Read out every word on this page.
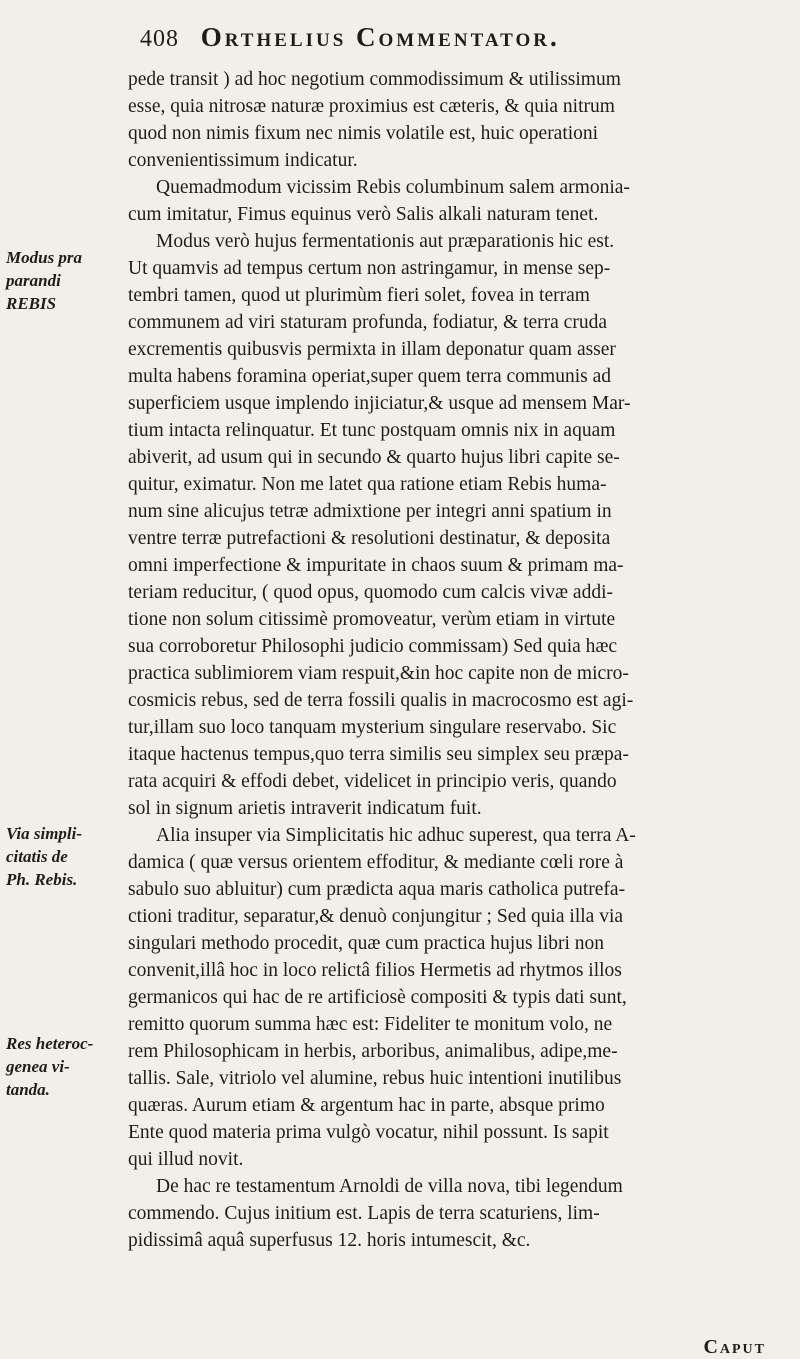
408 Orthelius Commentator.
Modus pra
parandi
REBIS
Via simpli-
citatis de
Ph. Rebis.
Res heteroc-
genea vi-
tanda.
pede transit ) ad hoc negotium commodissimum & utilissimum
esse, quia nitrosæ naturæ proximius est cæteris, & quia nitrum
quod non nimis fixum nec nimis volatile est, huic operationi
convenientissimum indicatur.
Quemadmodum vicissim Rebis columbinum salem armonia-
cum imitatur, Fimus equinus verò Salis alkali naturam tenet.
Modus verò hujus fermentationis aut præparationis hic est.
Ut quamvis ad tempus certum non astringamur, in mense sep-
tembri tamen, quod ut plurimùm fieri solet, fovea in terram
communem ad viri staturam profunda, fodiatur, & terra cruda
excrementis quibusvis permixta in illam deponatur quam asser
multa habens foramina operiat,super quem terra communis ad
superficiem usque implendo injiciatur,& usque ad mensem Mar-
tium intacta relinquatur. Et tunc postquam omnis nix in aquam
abiverit, ad usum qui in secundo & quarto hujus libri capite se-
quitur, eximatur. Non me latet qua ratione etiam Rebis huma-
num sine alicujus tetræ admixtione per integri anni spatium in
ventre terræ putrefactioni & resolutioni destinatur, & deposita
omni imperfectione & impuritate in chaos suum & primam ma-
teriam reducitur, ( quod opus, quomodo cum calcis vivæ addi-
tione non solum citissimè promoveatur, verùm etiam in virtute
sua corroboretur Philosophi judicio commissam) Sed quia hæc
practica sublimiorem viam respuit,&in hoc capite non de micro-
cosmicis rebus, sed de terra fossili qualis in macrocosmo est agi-
tur,illam suo loco tanquam mysterium singulare reservabo. Sic
itaque hactenus tempus,quo terra similis seu simplex seu præpa-
rata acquiri & effodi debet, videlicet in principio veris, quando
sol in signum arietis intraverit indicatum fuit.
Alia insuper via Simplicitatis hic adhuc superest, qua terra A-
damica ( quæ versus orientem effoditur, & mediante cœli rore à
sabulo suo abluitur) cum prædicta aqua maris catholica putrefa-
ctioni traditur, separatur,& denuò conjungitur ; Sed quia illa via
singulari methodo procedit, quæ cum practica hujus libri non
convenit,illâ hoc in loco relictâ filios Hermetis ad rhytmos illos
germanicos qui hac de re artificiosè compositi & typis dati sunt,
remitto quorum summa hæc est: Fideliter te monitum volo, ne
rem Philosophicam in herbis, arboribus, animalibus, adipe,me-
tallis. Sale, vitriolo vel alumine, rebus huic intentioni inutilibus
quæras. Aurum etiam & argentum hac in parte, absque primo
Ente quod materia prima vulgò vocatur, nihil possunt. Is sapit
qui illud novit.
De hac re testamentum Arnoldi de villa nova, tibi legendum
commendo. Cujus initium est. Lapis de terra scaturiens, lim-
pidissimâ aquâ superfusus 12. horis intumescit, &c.
Caput
